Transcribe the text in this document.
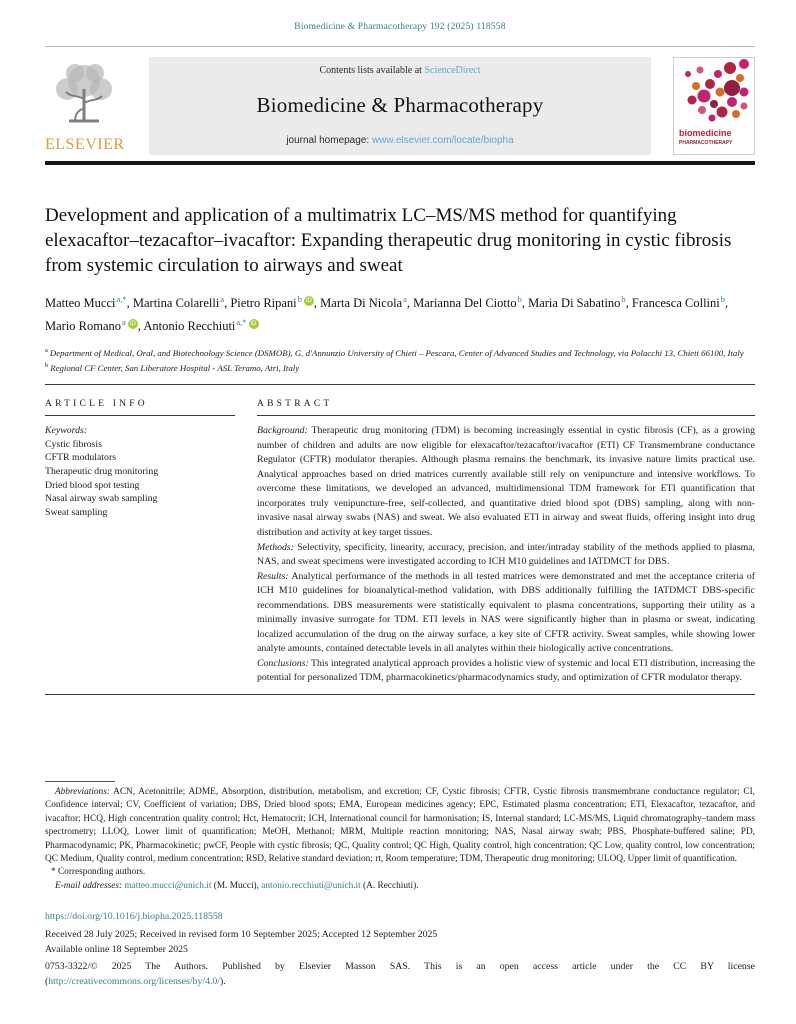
Biomedicine & Pharmacotherapy 192 (2025) 118558
ELSEVIER
Contents lists available at ScienceDirect
Biomedicine & Pharmacotherapy
journal homepage: www.elsevier.com/locate/biopha
biomedicine
PHARMACOTHERAPY
Development and application of a multimatrix LC–MS/MS method for quantifying elexacaftor–tezacaftor–ivacaftor: Expanding therapeutic drug monitoring in cystic fibrosis from systemic circulation to airways and sweat
Matteo Mucci$^{a,*}$, Martina Colarelli$^a$, Pietro Ripani$^b$ iD , Marta Di Nicola$^a$, Marianna Del Ciotto$^b$, Maria Di Sabatino$^b$, Francesca Collini$^b$, Mario Romano$^a$ iD , Antonio Recchiuti$^{a,*}$ iD
$^a$ Department of Medical, Oral, and Biotechnology Science (DSMOB), G. d'Annunzio University of Chieti – Pescara, Center of Advanced Studies and Technology, via Polacchi 13, Chieti 66100, Italy
$^b$ Regional CF Center, San Liberatore Hospital - ASL Teramo, Atri, Italy
ARTICLE INFO
Keywords:
Cystic fibrosis
CFTR modulators
Therapeutic drug monitoring
Dried blood spot testing
Nasal airway swab sampling
Sweat sampling
ABSTRACT
Background: Therapeutic drug monitoring (TDM) is becoming increasingly essential in cystic fibrosis (CF), as a growing number of children and adults are now eligible for elexacaftor/tezacaftor/ivacaftor (ETI) CF Transmembrane conductance Regulator (CFTR) modulator therapies. Although plasma remains the benchmark, its invasive nature limits practical use. Analytical approaches based on dried matrices currently available still rely on venipuncture and intensive workflows. To overcome these limitations, we developed an advanced, multidimensional TDM framework for ETI quantification that incorporates truly venipuncture-free, self-collected, and quantitative dried blood spot (DBS) sampling, along with non-invasive nasal airway swabs (NAS) and sweat. We also evaluated ETI in airway and sweat fluids, offering insight into drug distribution and activity at key target tissues.
Methods: Selectivity, specificity, linearity, accuracy, precision, and inter/intraday stability of the methods applied to plasma, NAS, and sweat specimens were investigated according to ICH M10 guidelines and IATDMCT for DBS.
Results: Analytical performance of the methods in all tested matrices were demonstrated and met the acceptance criteria of ICH M10 guidelines for bioanalytical-method validation, with DBS additionally fulfilling the IATDMCT DBS-specific recommendations. DBS measurements were statistically equivalent to plasma concentrations, supporting their utility as a minimally invasive surrogate for TDM. ETI levels in NAS were significantly higher than in plasma or sweat, indicating localized accumulation of the drug on the airway surface, a key site of CFTR activity. Sweat samples, while showing lower analyte amounts, contained detectable levels in all analytes within their biologically active concentrations.
Conclusions: This integrated analytical approach provides a holistic view of systemic and local ETI distribution, increasing the potential for personalized TDM, pharmacokinetics/pharmacodynamics study, and optimization of CFTR modulator therapy.
Abbreviations: ACN, Acetonitrile; ADME, Absorption, distribution, metabolism, and excretion; CF, Cystic fibrosis; CFTR, Cystic fibrosis transmembrane conductance regulator; CI, Confidence interval; CV, Coefficient of variation; DBS, Dried blood spots; EMA, European medicines agency; EPC, Estimated plasma concentration; ETI, Elexacaftor, tezacaftor, and ivacaftor; HCQ, High concentration quality control; Hct, Hematocrit; ICH, International council for harmonisation; IS, Internal standard; LC-MS/MS, Liquid chromatography–tandem mass spectrometry; LLOQ, Lower limit of quantification; MeOH, Methanol; MRM, Multiple reaction monitoring; NAS, Nasal airway swab; PBS, Phosphate-buffered saline; PD, Pharmacodynamic; PK, Pharmacokinetic; pwCF, People with cystic fibrosis; QC, Quality control; QC High, Quality control, high concentration; QC Low, quality control, low concentration; QC Medium, Quality control, medium concentration; RSD, Relative standard deviation; rt, Room temperature; TDM, Therapeutic drug monitoring; ULOQ, Upper limit of quantification.
* Corresponding authors.
E-mail addresses: matteo.mucci@unich.it (M. Mucci), antonio.recchiuti@unich.it (A. Recchiuti).
https://doi.org/10.1016/j.biopha.2025.118558
Received 28 July 2025; Received in revised form 10 September 2025; Accepted 12 September 2025
Available online 18 September 2025
0753-3322/© 2025 The Authors. Published by Elsevier Masson SAS. This is an open access article under the CC BY license
(http://creativecommons.org/licenses/by/4.0/).
